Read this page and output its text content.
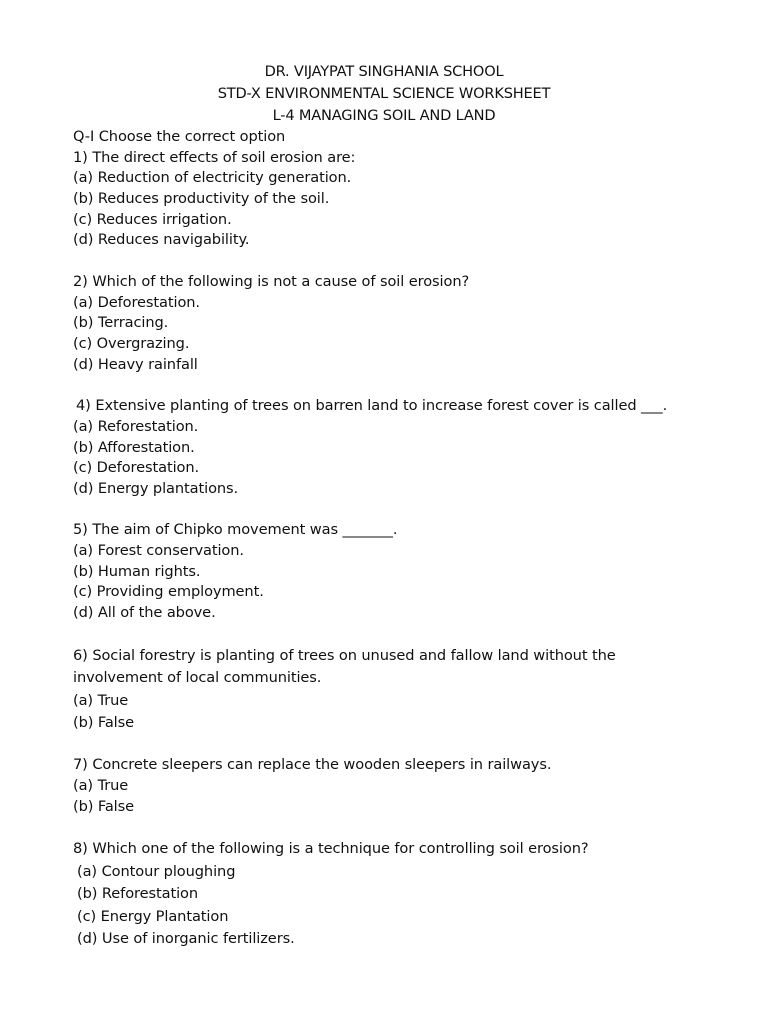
DR. VIJAYPAT SINGHANIA SCHOOL
STD-X ENVIRONMENTAL SCIENCE WORKSHEET
L-4 MANAGING SOIL AND LAND
Q-I Choose the correct option
1) The direct effects of soil erosion are:
(a) Reduction of electricity generation.
(b) Reduces productivity of the soil.
(c) Reduces irrigation.
(d) Reduces navigability.
2) Which of the following is not a cause of soil erosion?
(a) Deforestation.
(b) Terracing.
(c) Overgrazing.
(d) Heavy rainfall
4) Extensive planting of trees on barren land to increase forest cover is called ___.
(a) Reforestation.
(b) Afforestation.
(c) Deforestation.
(d) Energy plantations.
5) The aim of Chipko movement was _______.
(a) Forest conservation.
(b) Human rights.
(c) Providing employment.
(d) All of the above.
6) Social forestry is planting of trees on unused and fallow land without the involvement of local communities.
(a) True
(b) False
7) Concrete sleepers can replace the wooden sleepers in railways.
(a) True
(b) False
8) Which one of the following is a technique for controlling soil erosion?
(a) Contour ploughing
(b) Reforestation
(c) Energy Plantation
(d) Use of inorganic fertilizers.
